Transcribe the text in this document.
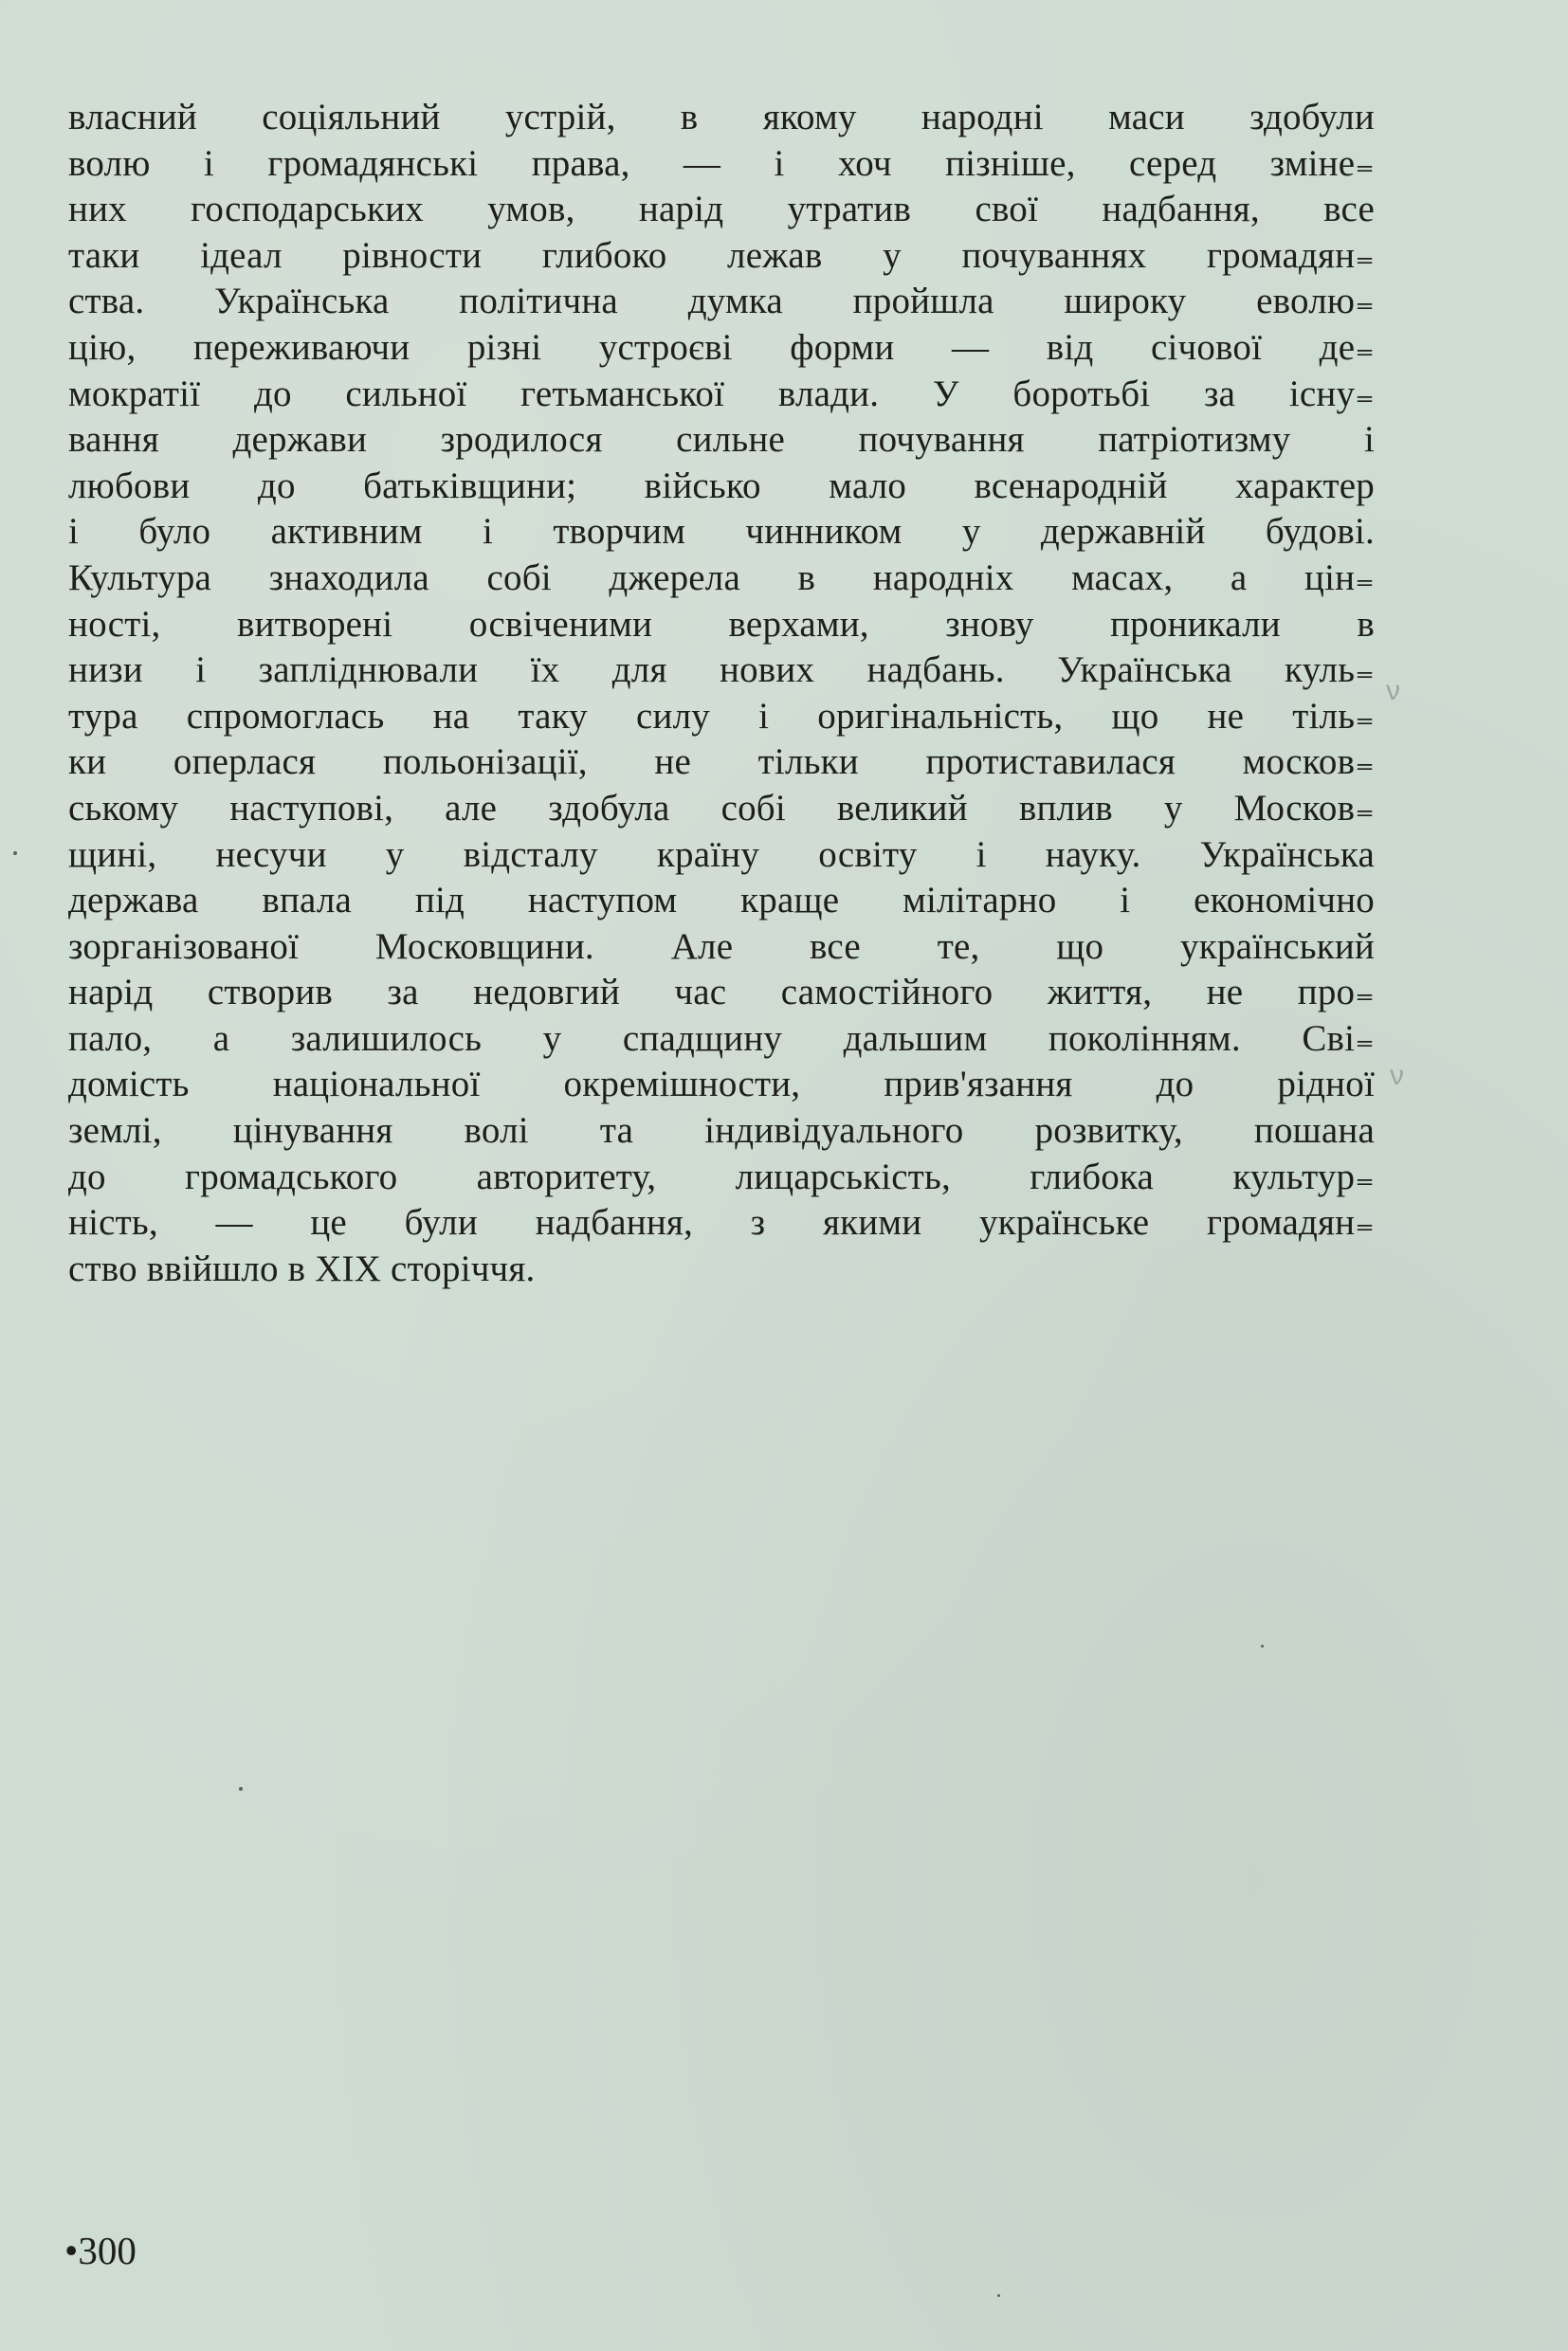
власний соціяльний устрій, в якому народні маси здобули
волю і громадянські права, — і хоч пізніше, серед зміне₌
них господарських умов, нарід утратив свої надбання, все
таки ідеал рівности глибоко лежав у почуваннях громадян₌
ства. Українська політична думка пройшла широку еволю₌
цію, переживаючи різні устроєві форми — від січової де₌
мократії до сильної гетьманської влади. У боротьбі за існу₌
вання держави зродилося сильне почування патріотизму і
любови до батьківщини; військо мало всенародній характер
і було активним і творчим чинником у державній будові.
Культура знаходила собі джерела в народніх масах, а цін₌
ності, витворені освіченими верхами, знову проникали в
низи і запліднювали їх для нових надбань. Українська куль₌
тура спромоглась на таку силу і оригінальність, що не тіль₌
ки оперлася польонізації, не тільки протиставилася москов₌
ському наступові, але здобула собі великий вплив у Москов₌
щині, несучи у відсталу країну освіту і науку. Українська
держава впала під наступом краще мілітарно і економічно
зорганізованої Московщини. Але все те, що український
нарід створив за недовгий час самостійного життя, не про₌
пало, а залишилось у спадщину дальшим поколінням. Сві₌
домість національної окремішности, прив'язання до рідної
землі, цінування волі та індивідуального розвитку, пошана
до громадського авторитету, лицарськість, глибока культур₌
ність, — це були надбання, з якими українське громадян₌
ство ввійшло в XIX сторіччя.
ν
ν
•300
